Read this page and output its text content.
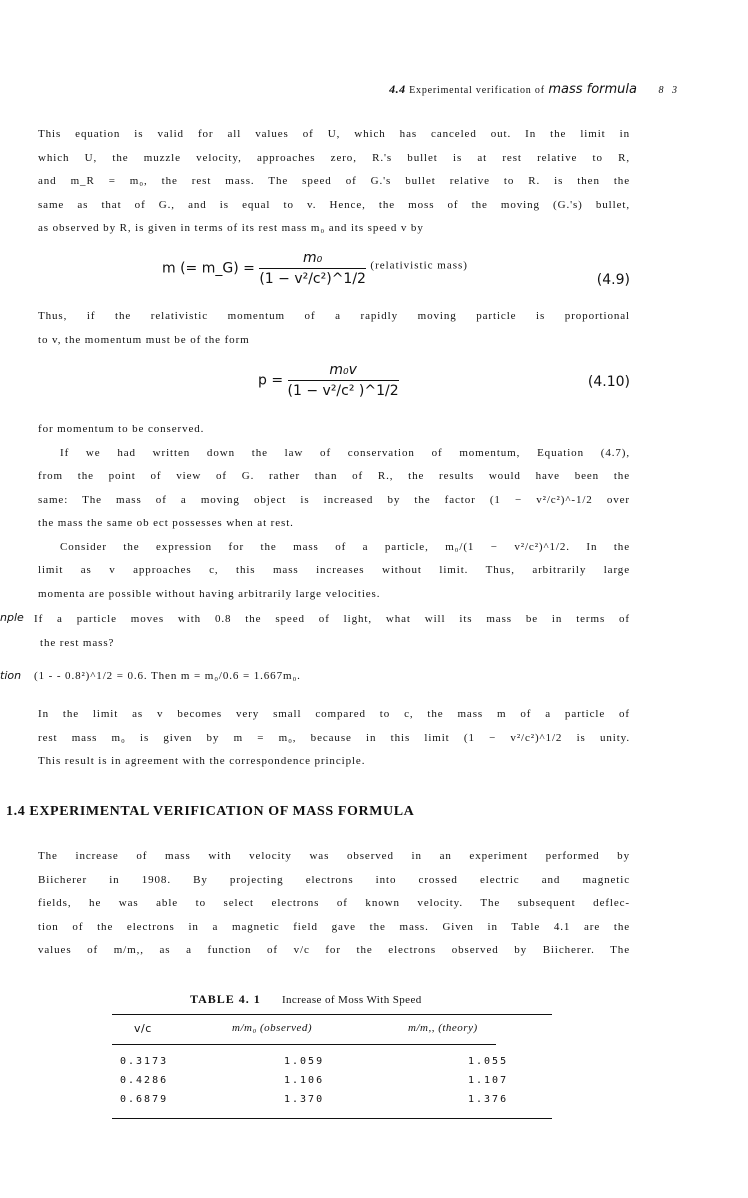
4.4 Experimental verification of mass formula 8 3
This equation is valid for all values of U, which has canceled out. In the limit in
which U, the muzzle velocity, approaches zero, R.'s bullet is at rest relative to R,
and m_R = m₀, the rest mass. The speed of G.'s bullet relative to R. is then the
same as that of G., and is equal to v. Hence, the moss of the moving (G.'s) bullet,
as observed by R, is given in terms of its rest mass m₀ and its speed v by
m (= m_G) = $\frac{\text{m₀}}{\text{(1 − v²/c²)\textasciicircum{}1/2}} ^{(relativistic mass)}$
(4.9)
Thus, if the relativistic momentum of a rapidly moving particle is proportional
to v, the momentum must be of the form
$p = \frac{\text{m₀v}}{\text{(1 − v²/c² )\textasciicircum{}1/2}}$	(4.10)
for momentum to be conserved.
If we had written down the law of conservation of momentum, Equation (4.7),
from the point of view of G. rather than of R., the results would have been the
same: The mass of a moving object is increased by the factor (1 − v²/c²)^-1/2 over
the mass the same ob ect possesses when at rest.
Consider the expression for the mass of a particle, m₀/(1 − v²/c²)^1/2. In the
limit as v approaches c, this mass increases without limit. Thus, arbitrarily large
momenta are possible without having arbitrarily large velocities.
nple If a particle moves with 0.8 the speed of light, what will its mass be in terms of
the rest mass?
tion (1 - - 0.8²)^1/2 = 0.6. Then m = m₀/0.6 = 1.667m₀.
In the limit as v becomes very small compared to c, the mass m of a particle of
rest mass m₀ is given by m = m₀, because in this limit (1 − v²/c²)^1/2 is unity.
This result is in agreement with the correspondence principle.
1.4 EXPERIMENTAL VERIFICATION OF MASS FORMULA
The increase of mass with velocity was observed in an experiment performed by
Biicherer in 1908. By projecting electrons into crossed electric and magnetic
fields, he was able to select electrons of known velocity. The subsequent deflec-
tion of the electrons in a magnetic field gave the mass. Given in Table 4.1 are the
values of m/m,, as a function of v/c for the electrons observed by Biicherer. The
TABLE 4. 1 Increase of Moss With Speed
v/c	m/m₀ (observed)	m/m,, (theory)
0.3173	1.059	1.055
0.4286	1.106	1.107
0.6879	1.370	1.376
